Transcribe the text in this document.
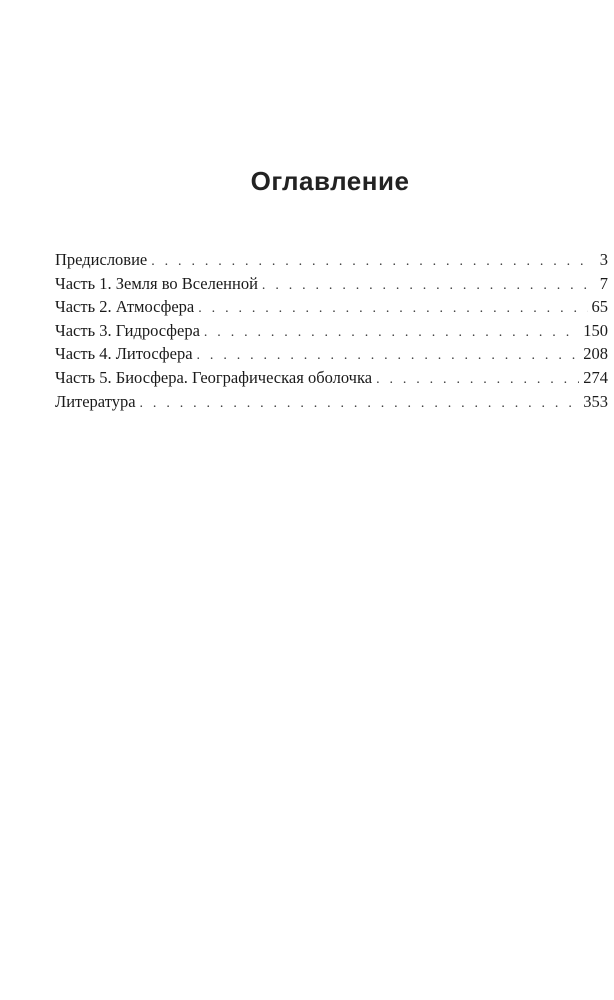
Оглавление
Предисловие . . .	3
Часть 1. Земля во Вселенной . . .	7
Часть 2. Атмосфера . . .	65
Часть 3. Гидросфера . . .	150
Часть 4. Литосфера . . .	208
Часть 5. Биосфера. Географическая оболочка . . .	274
Литература . . .	353
